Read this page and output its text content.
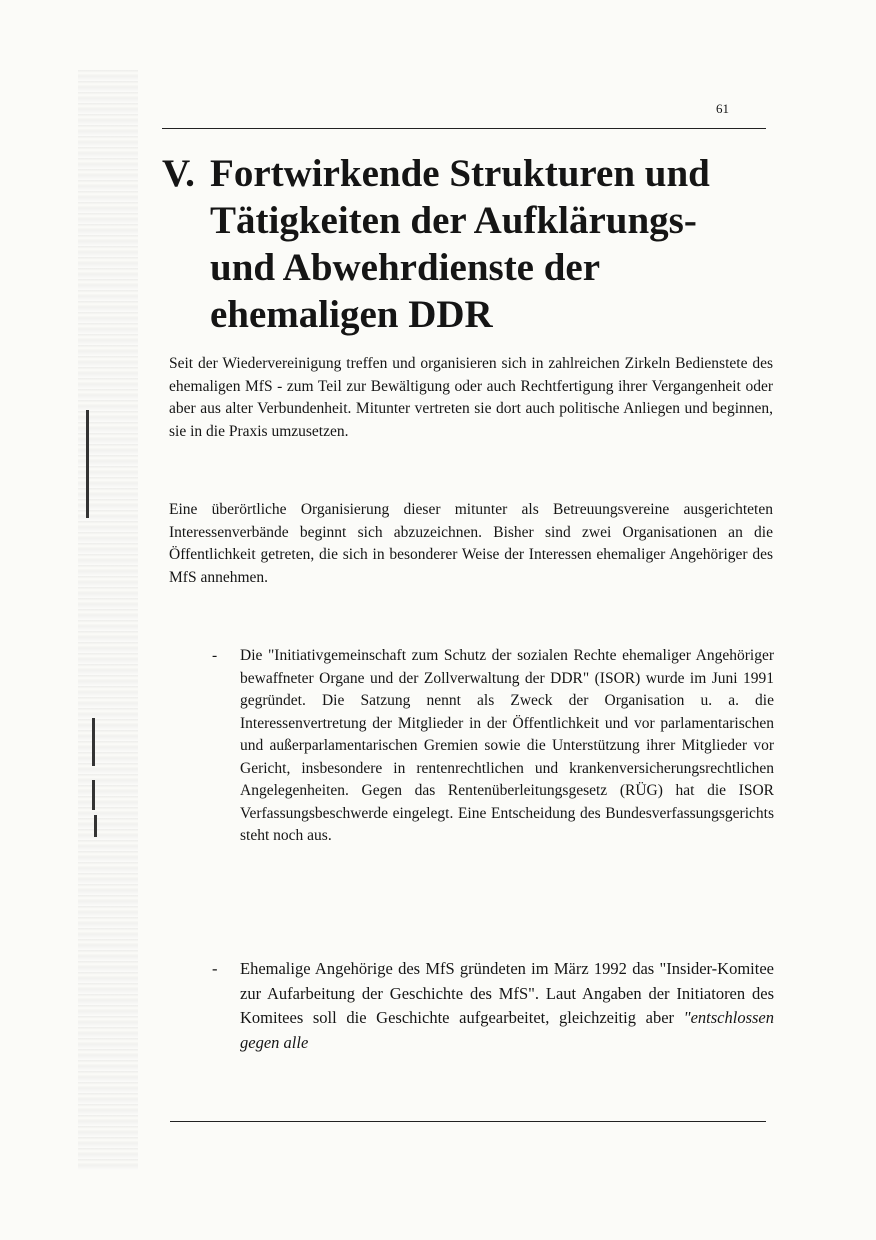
61
V. Fortwirkende Strukturen und Tätigkeiten der Aufklärungs- und Abwehrdienste der ehemaligen DDR

Seit der Wiedervereinigung treffen und organisieren sich in zahlreichen Zirkeln Bedienstete des ehemaligen MfS - zum Teil zur Bewältigung oder auch Rechtfertigung ihrer Vergangenheit oder aber aus alter Verbundenheit. Mitunter vertreten sie dort auch politische Anliegen und beginnen, sie in die Praxis umzusetzen.

Eine überörtliche Organisierung dieser mitunter als Betreuungsvereine ausgerichteten Interessenverbände beginnt sich abzuzeichnen. Bisher sind zwei Organisationen an die Öffentlichkeit getreten, die sich in besonderer Weise der Interessen ehemaliger Angehöriger des MfS annehmen.

-	Die "Initiativgemeinschaft zum Schutz der sozialen Rechte ehemaliger Angehöriger bewaffneter Organe und der Zollverwaltung der DDR" (ISOR) wurde im Juni 1991 gegründet. Die Satzung nennt als Zweck der Organisation u. a. die Interessenvertretung der Mitglieder in der Öffentlichkeit und vor parlamentarischen und außerparlamentarischen Gremien sowie die Unterstützung ihrer Mitglieder vor Gericht, insbesondere in rentenrechtlichen und krankenversicherungsrechtlichen Angelegenheiten. Gegen das Rentenüberleitungsgesetz (RÜG) hat die ISOR Verfassungsbeschwerde eingelegt. Eine Entscheidung des Bundesverfassungsgerichts steht noch aus.
-	Ehemalige Angehörige des MfS gründeten im März 1992 das "Insider-Komitee zur Aufarbeitung der Geschichte des MfS". Laut Angaben der Initiatoren des Komitees soll die Geschichte aufgearbeitet, gleichzeitig aber "entschlossen gegen alle
